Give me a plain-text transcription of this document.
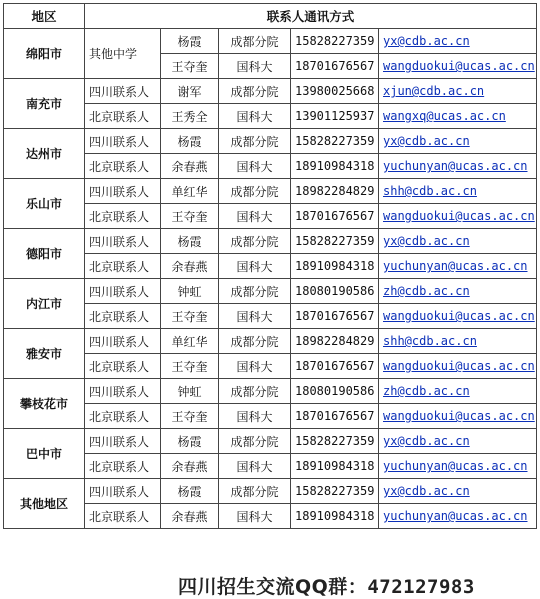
地区	联系人通讯方式				
绵阳市	其他中学	杨霞	成都分院	15828227359	yx@cdb.ac.cn
		王夺奎	国科大	18701676567	wangduokui@ucas.ac.cn
南充市	四川联系人	谢军	成都分院	13980025668	xjun@cdb.ac.cn
	北京联系人	王秀全	国科大	13901125937	wangxq@ucas.ac.cn
达州市	四川联系人	杨霞	成都分院	15828227359	yx@cdb.ac.cn
	北京联系人	余春燕	国科大	18910984318	yuchunyan@ucas.ac.cn
乐山市	四川联系人	单红华	成都分院	18982284829	shh@cdb.ac.cn
	北京联系人	王夺奎	国科大	18701676567	wangduokui@ucas.ac.cn
德阳市	四川联系人	杨霞	成都分院	15828227359	yx@cdb.ac.cn
	北京联系人	余春燕	国科大	18910984318	yuchunyan@ucas.ac.cn
内江市	四川联系人	钟虹	成都分院	18080190586	zh@cdb.ac.cn
	北京联系人	王夺奎	国科大	18701676567	wangduokui@ucas.ac.cn
雅安市	四川联系人	单红华	成都分院	18982284829	shh@cdb.ac.cn
	北京联系人	王夺奎	国科大	18701676567	wangduokui@ucas.ac.cn
攀枝花市	四川联系人	钟虹	成都分院	18080190586	zh@cdb.ac.cn
	北京联系人	王夺奎	国科大	18701676567	wangduokui@ucas.ac.cn
巴中市	四川联系人	杨霞	成都分院	15828227359	yx@cdb.ac.cn
	北京联系人	余春燕	国科大	18910984318	yuchunyan@ucas.ac.cn
其他地区	四川联系人	杨霞	成都分院	15828227359	yx@cdb.ac.cn
	北京联系人	余春燕	国科大	18910984318	yuchunyan@ucas.ac.cn
四川招生交流QQ群：472127983
